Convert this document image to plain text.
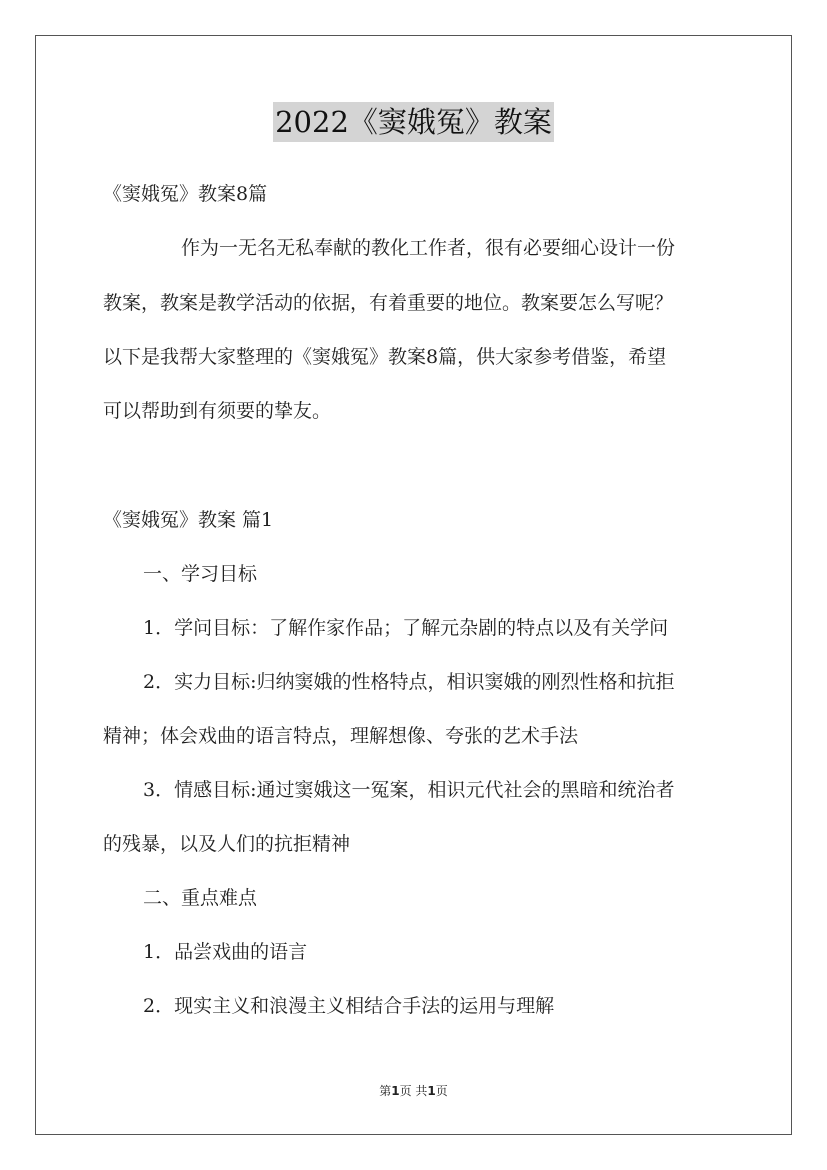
2022《窦娥冤》教案
《窦娥冤》教案8篇
作为一无名无私奉献的教化工作者，很有必要细心设计一份
教案，教案是教学活动的依据，有着重要的地位。教案要怎么写呢？
以下是我帮大家整理的《窦娥冤》教案8篇，供大家参考借鉴，希望
可以帮助到有须要的挚友。
《窦娥冤》教案 篇1
一、学习目标
1．学问目标：了解作家作品；了解元杂剧的特点以及有关学问
2．实力目标:归纳窦娥的性格特点，相识窦娥的刚烈性格和抗拒
精神；体会戏曲的语言特点，理解想像、夸张的艺术手法
3．情感目标:通过窦娥这一冤案，相识元代社会的黑暗和统治者
的残暴，以及人们的抗拒精神
二、重点难点
1．品尝戏曲的语言
2．现实主义和浪漫主义相结合手法的运用与理解
第1页 共1页
